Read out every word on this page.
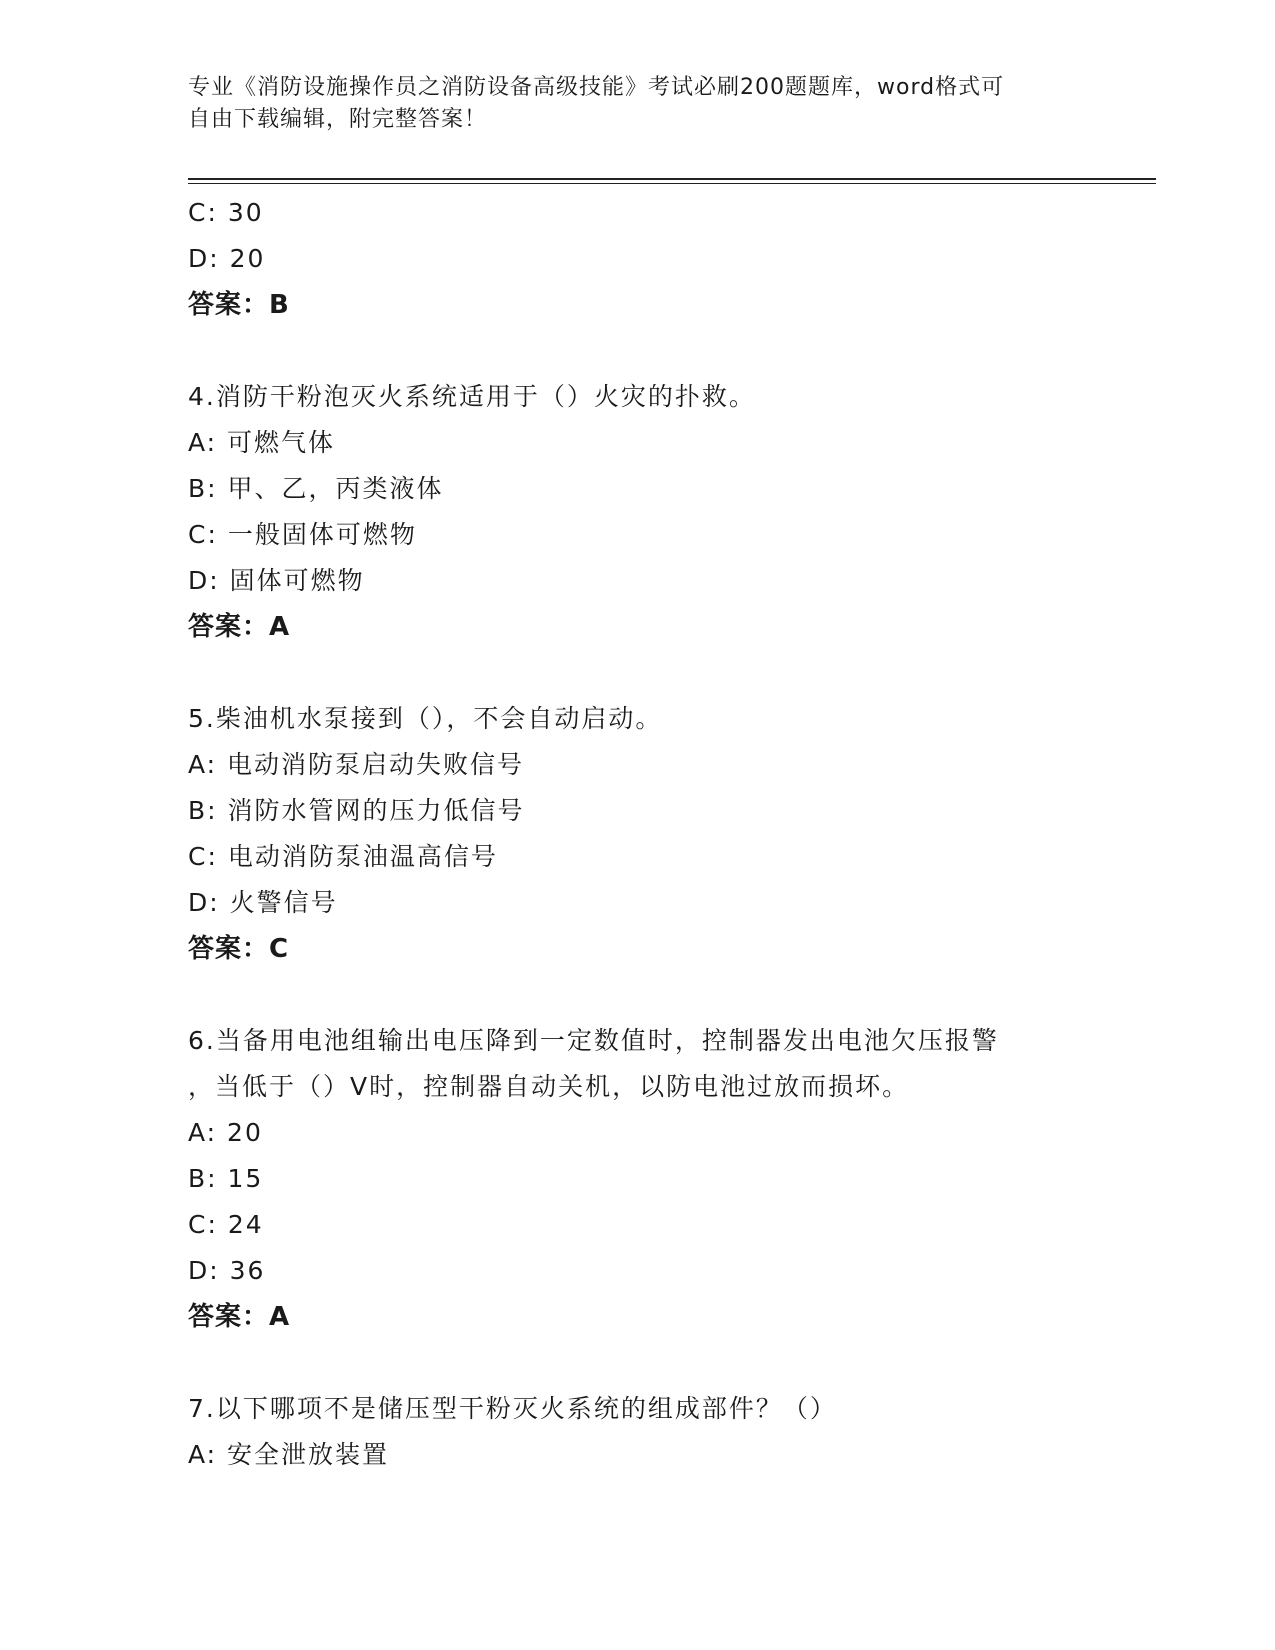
专业《消防设施操作员之消防设备高级技能》考试必刷200题题库，word格式可
自由下载编辑，附完整答案！
C: 30
D: 20
答案：B
4.消防干粉泡灭火系统适用于（）火灾的扑救。
A: 可燃气体
B: 甲、乙，丙类液体
C: 一般固体可燃物
D: 固体可燃物
答案：A
5.柴油机水泵接到（），不会自动启动。
A: 电动消防泵启动失败信号
B: 消防水管网的压力低信号
C: 电动消防泵油温高信号
D: 火警信号
答案：C
6.当备用电池组输出电压降到一定数值时，控制器发出电池欠压报警
，当低于（）V时，控制器自动关机，以防电池过放而损坏。
A: 20
B: 15
C: 24
D: 36
答案：A
7.以下哪项不是储压型干粉灭火系统的组成部件？（）
A: 安全泄放装置
